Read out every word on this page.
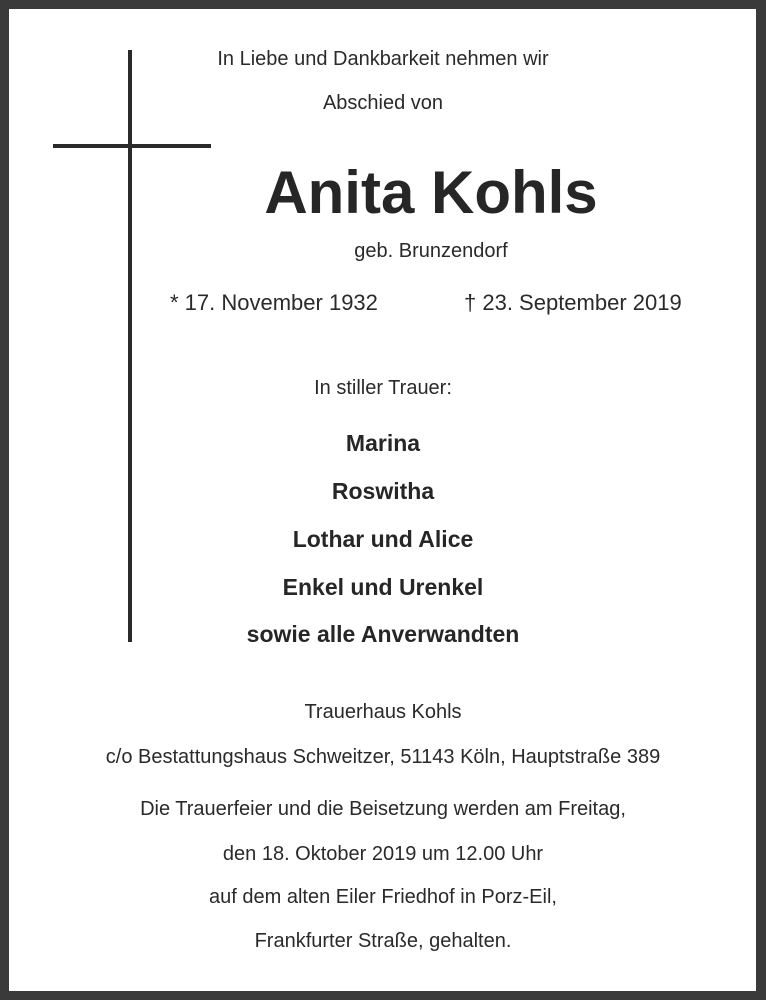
In Liebe und Dankbarkeit nehmen wir
Abschied von
Anita Kohls
geb. Brunzendorf
* 17. November 1932	† 23. September 2019
In stiller Trauer:
Marina
Roswitha
Lothar und Alice
Enkel und Urenkel
sowie alle Anverwandten
Trauerhaus Kohls
c/o Bestattungshaus Schweitzer, 51143 Köln, Hauptstraße 389
Die Trauerfeier und die Beisetzung werden am Freitag,
den 18. Oktober 2019 um 12.00 Uhr
auf dem alten Eiler Friedhof in Porz-Eil,
Frankfurter Straße, gehalten.
